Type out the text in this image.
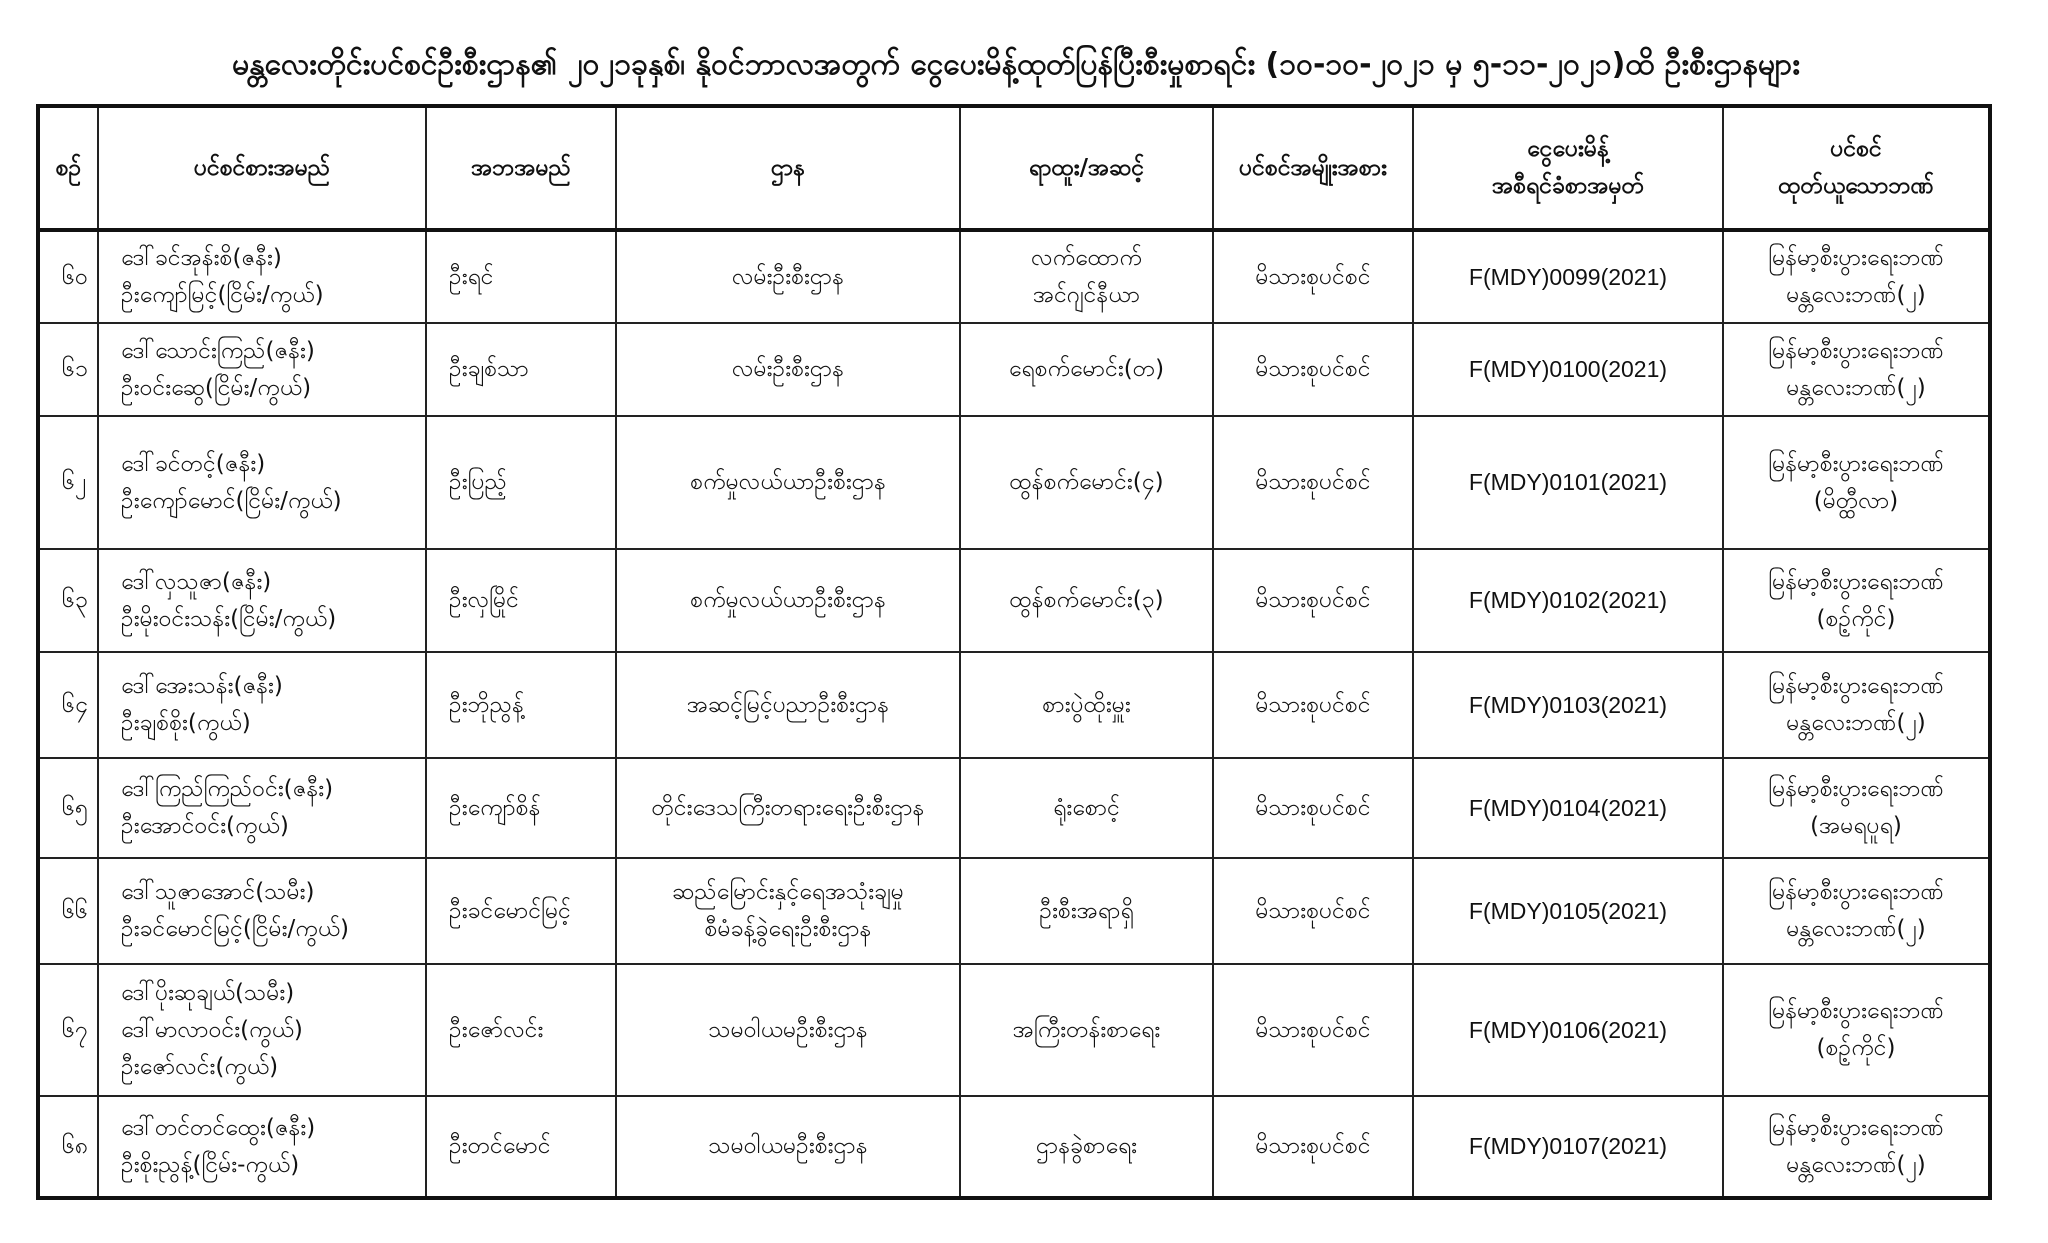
မန္တလေးတိုင်းပင်စင်ဦးစီးဌာန၏ ၂၀၂၁ခုနှစ်၊ နိုဝင်ဘာလအတွက် ငွေပေးမိန့်ထုတ်ပြန်ပြီးစီးမှုစာရင်း (၁၀-၁၀-၂၀၂၁ မှ ၅-၁၁-၂၀၂၁)ထိ ဦးစီးဌာနများ
စဉ်	ပင်စင်စားအမည်	အဘအမည်	ဌာန	ရာထူး/အဆင့်	ပင်စင်အမျိုးအစား	ငွေပေးမိန့်
အစီရင်ခံစာအမှတ်	ပင်စင်
ထုတ်ယူသောဘဏ်

၆၀	ဒေါ်ခင်အုန်းစိ(ဇနီး)
ဦးကျော်မြင့်(ငြိမ်း/ကွယ်)	ဦးရင်	လမ်းဦးစီးဌာန	လက်ထောက်
အင်ဂျင်နီယာ	မိသားစုပင်စင်	F(MDY)0099(2021)	မြန်မာ့စီးပွားရေးဘဏ်
မန္တလေးဘဏ်(၂)

၆၁	ဒေါ်သောင်းကြည်(ဇနီး)
ဦးဝင်းဆွေ(ငြိမ်း/ကွယ်)	ဦးချစ်သာ	လမ်းဦးစီးဌာန	ရေစက်မောင်း(တ)	မိသားစုပင်စင်	F(MDY)0100(2021)	မြန်မာ့စီးပွားရေးဘဏ်
မန္တလေးဘဏ်(၂)

၆၂	ဒေါ်ခင်တင့်(ဇနီး)
ဦးကျော်မောင်(ငြိမ်း/ကွယ်)	ဦးပြည့်	စက်မှုလယ်ယာဦးစီးဌာန	ထွန်စက်မောင်း(၄)	မိသားစုပင်စင်	F(MDY)0101(2021)	မြန်မာ့စီးပွားရေးဘဏ်
(မိတ္ထီလာ)

၆၃	ဒေါ်လှသူဇာ(ဇနီး)
ဦးမိုးဝင်းသန်း(ငြိမ်း/ကွယ်)	ဦးလှမြိုင်	စက်မှုလယ်ယာဦးစီးဌာန	ထွန်စက်မောင်း(၃)	မိသားစုပင်စင်	F(MDY)0102(2021)	မြန်မာ့စီးပွားရေးဘဏ်
(စဥ့်ကိုင်)

၆၄	ဒေါ်အေးသန်း(ဇနီး)
ဦးချစ်စိုး(ကွယ်)	ဦးဘိုညွန့်	အဆင့်မြင့်ပညာဦးစီးဌာန	စားပွဲထိုးမှူး	မိသားစုပင်စင်	F(MDY)0103(2021)	မြန်မာ့စီးပွားရေးဘဏ်
မန္တလေးဘဏ်(၂)

၆၅	ဒေါ်ကြည်ကြည်ဝင်း(ဇနီး)
ဦးအောင်ဝင်း(ကွယ်)	ဦးကျော်စိန်	တိုင်းဒေသကြီးတရားရေးဦးစီးဌာန	ရုံးစောင့်	မိသားစုပင်စင်	F(MDY)0104(2021)	မြန်မာ့စီးပွားရေးဘဏ်
(အမရပူရ)

၆၆	ဒေါ်သူဇာအောင်(သမီး)
ဦးခင်မောင်မြင့်(ငြိမ်း/ကွယ်)	ဦးခင်မောင်မြင့်	ဆည်မြောင်းနှင့်ရေအသုံးချမှု
စီမံခန့်ခွဲရေးဦးစီးဌာန	ဦးစီးအရာရှိ	မိသားစုပင်စင်	F(MDY)0105(2021)	မြန်မာ့စီးပွားရေးဘဏ်
မန္တလေးဘဏ်(၂)

၆၇	ဒေါ်ပိုးဆုချယ်(သမီး)
ဒေါ်မာလာဝင်း(ကွယ်)
ဦးဇော်လင်း(ကွယ်)	ဦးဇော်လင်း	သမဝါယမဦးစီးဌာန	အကြီးတန်းစာရေး	မိသားစုပင်စင်	F(MDY)0106(2021)	မြန်မာ့စီးပွားရေးဘဏ်
(စဥ့်ကိုင်)

၆၈	ဒေါ်တင်တင်ထွေး(ဇနီး)
ဦးစိုးညွန့်(ငြိမ်း-ကွယ်)	ဦးတင်မောင်	သမဝါယမဦးစီးဌာန	ဌာနခွဲစာရေး	မိသားစုပင်စင်	F(MDY)0107(2021)	မြန်မာ့စီးပွားရေးဘဏ်
မန္တလေးဘဏ်(၂)
